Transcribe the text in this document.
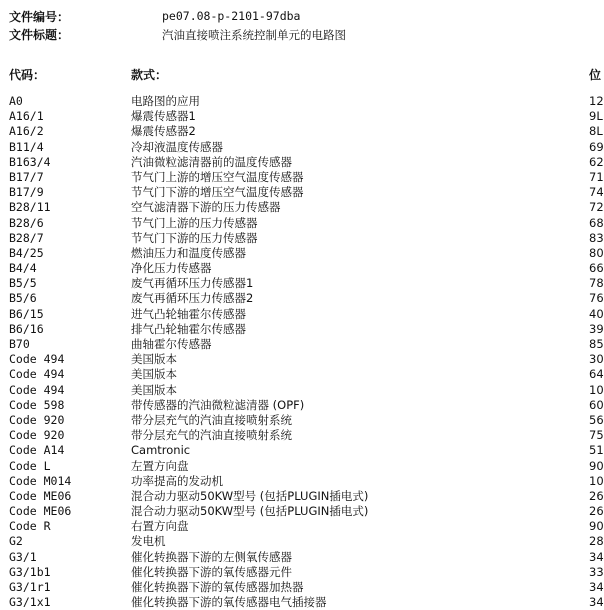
文件编号：	pe07.08-p-2101-97dba
文件标题：	汽油直接喷注系统控制单元的电路图
代码：	款式：	位
A0	电路图的应用	12
A16/1	爆震传感器1	9L
A16/2	爆震传感器2	8L
B11/4	冷却液温度传感器	69
B163/4	汽油微粒滤清器前的温度传感器	62
B17/7	节气门上游的增压空气温度传感器	71
B17/9	节气门下游的增压空气温度传感器	74
B28/11	空气滤清器下游的压力传感器	72
B28/6	节气门上游的压力传感器	68
B28/7	节气门下游的压力传感器	83
B4/25	燃油压力和温度传感器	80
B4/4	净化压力传感器	66
B5/5	废气再循环压力传感器1	78
B5/6	废气再循环压力传感器2	76
B6/15	进气凸轮轴霍尔传感器	40
B6/16	排气凸轮轴霍尔传感器	39
B70	曲轴霍尔传感器	85
Code 494	美国版本	30
Code 494	美国版本	64
Code 494	美国版本	10
Code 598	带传感器的汽油微粒滤清器 (OPF)	60
Code 920	带分层充气的汽油直接喷射系统	56
Code 920	带分层充气的汽油直接喷射系统	75
Code A14	Camtronic	51
Code L	左置方向盘	90
Code M014	功率提高的发动机	10
Code ME06	混合动力驱动50KW型号 (包括PLUGIN插电式)	26
Code ME06	混合动力驱动50KW型号 (包括PLUGIN插电式)	26
Code R	右置方向盘	90
G2	发电机	28
G3/1	催化转换器下游的左侧氧传感器	34
G3/1b1	催化转换器下游的氧传感器元件	33
G3/1r1	催化转换器下游的氧传感器加热器	34
G3/1x1	催化转换器下游的氧传感器电气插接器	34
